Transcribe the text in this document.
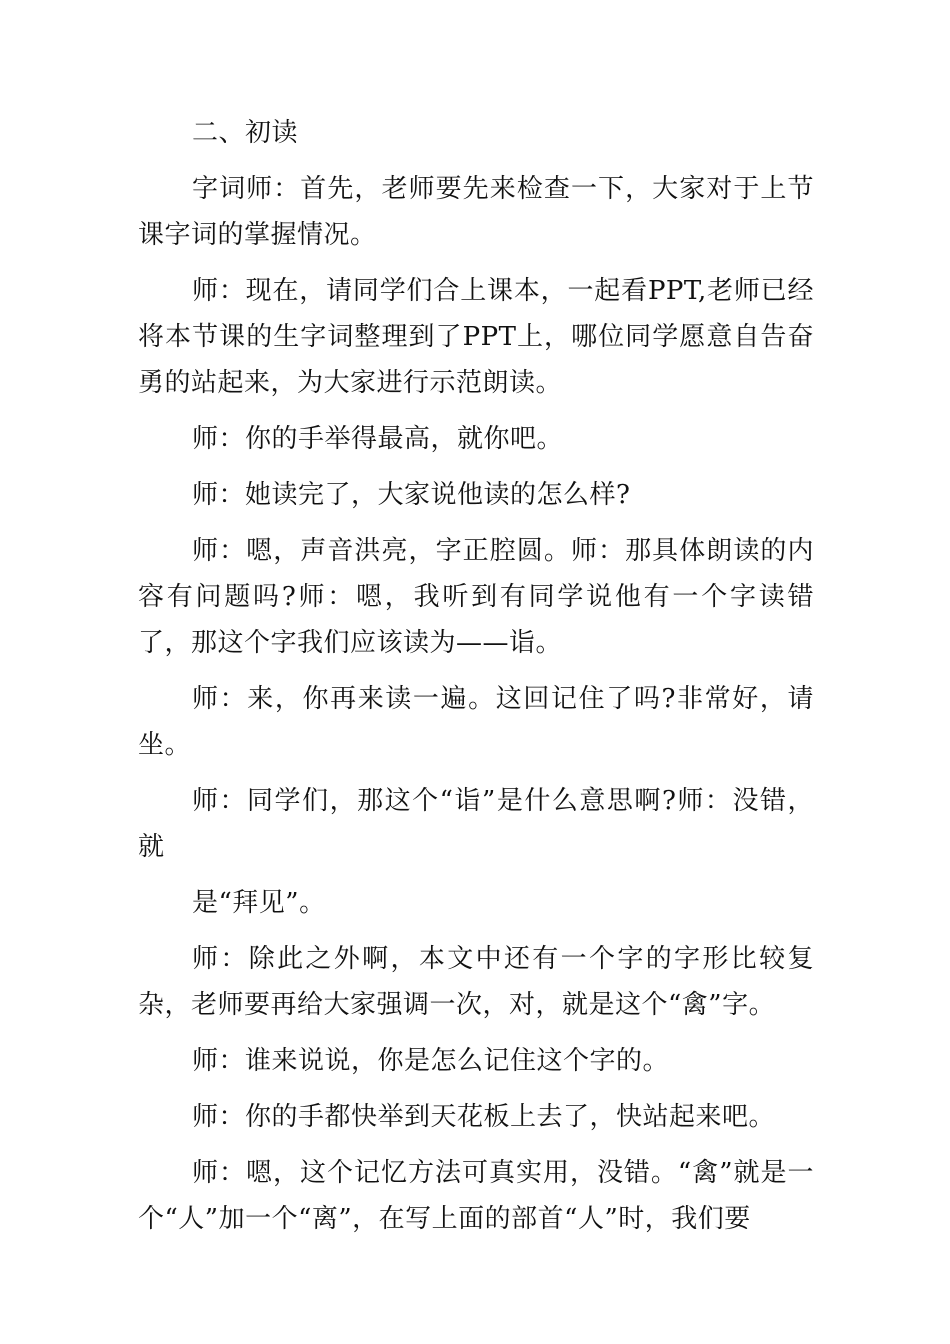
二、初读

字词师：首先，老师要先来检查一下，大家对于上节课字词的掌握情况。

师：现在，请同学们合上课本，一起看PPT,老师已经将本节课的生字词整理到了PPT上，哪位同学愿意自告奋勇的站起来，为大家进行示范朗读。

师：你的手举得最高，就你吧。

师：她读完了，大家说他读的怎么样?

师：嗯，声音洪亮，字正腔圆。师：那具体朗读的内容有问题吗?师：嗯，我听到有同学说他有一个字读错了，那这个字我们应该读为——诣。

师：来，你再来读一遍。这回记住了吗?非常好，请坐。

师：同学们，那这个“诣”是什么意思啊?师：没错，就

是“拜见”。

师：除此之外啊，本文中还有一个字的字形比较复杂，老师要再给大家强调一次，对，就是这个“禽”字。

师：谁来说说，你是怎么记住这个字的。

师：你的手都快举到天花板上去了，快站起来吧。

师：嗯，这个记忆方法可真实用，没错。“禽”就是一个“人”加一个“离”，在写上面的部首“人”时，我们要
